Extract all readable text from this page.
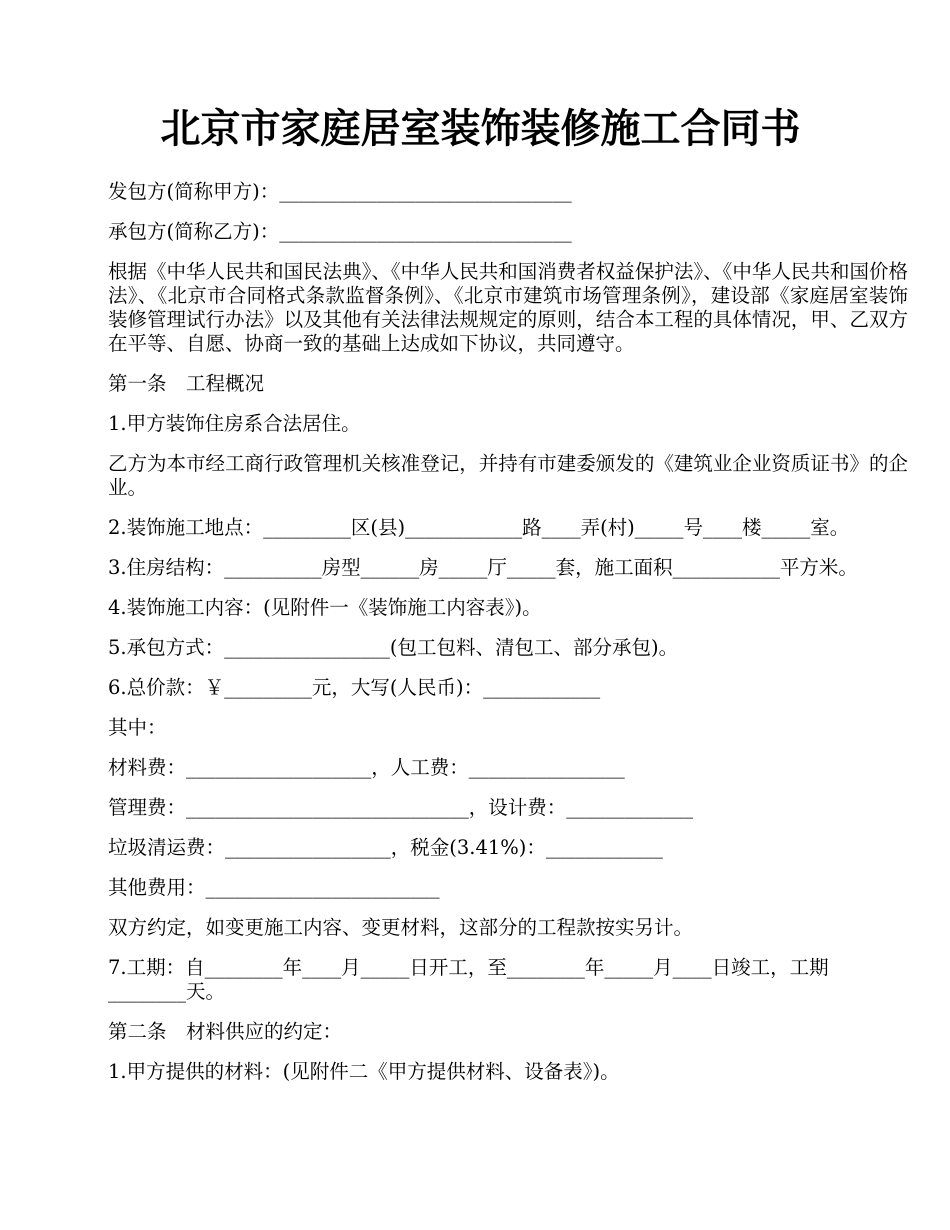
北京市家庭居室装饰装修施工合同书
发包方(简称甲方)：______________________________
承包方(简称乙方)：______________________________
根据《中华人民共和国民法典》、《中华人民共和国消费者权益保护法》、《中华人民共和国价格法》、《北京市合同格式条款监督条例》、《北京市建筑市场管理条例》，建设部《家庭居室装饰装修管理试行办法》以及其他有关法律法规规定的原则，结合本工程的具体情况，甲、乙双方在平等、自愿、协商一致的基础上达成如下协议，共同遵守。
第一条　工程概况
1.甲方装饰住房系合法居住。
乙方为本市经工商行政管理机关核准登记，并持有市建委颁发的《建筑业企业资质证书》的企业。
2.装饰施工地点：_________区(县)____________路____弄(村)_____号____楼_____室。
3.住房结构：__________房型______房_____厅_____套，施工面积___________平方米。
4.装饰施工内容：(见附件一《装饰施工内容表》)。
5.承包方式：_________________(包工包料、清包工、部分承包)。
6.总价款：￥_________元，大写(人民币)：____________
其中：
材料费：___________________，人工费：________________
管理费：_____________________________，设计费：_____________
垃圾清运费：_________________，税金(3.41%)：____________
其他费用：________________________
双方约定，如变更施工内容、变更材料，这部分的工程款按实另计。
7.工期：自________年____月_____日开工，至________年_____月____日竣工，工期
________天。
第二条　材料供应的约定：
1.甲方提供的材料：(见附件二《甲方提供材料、设备表》)。
